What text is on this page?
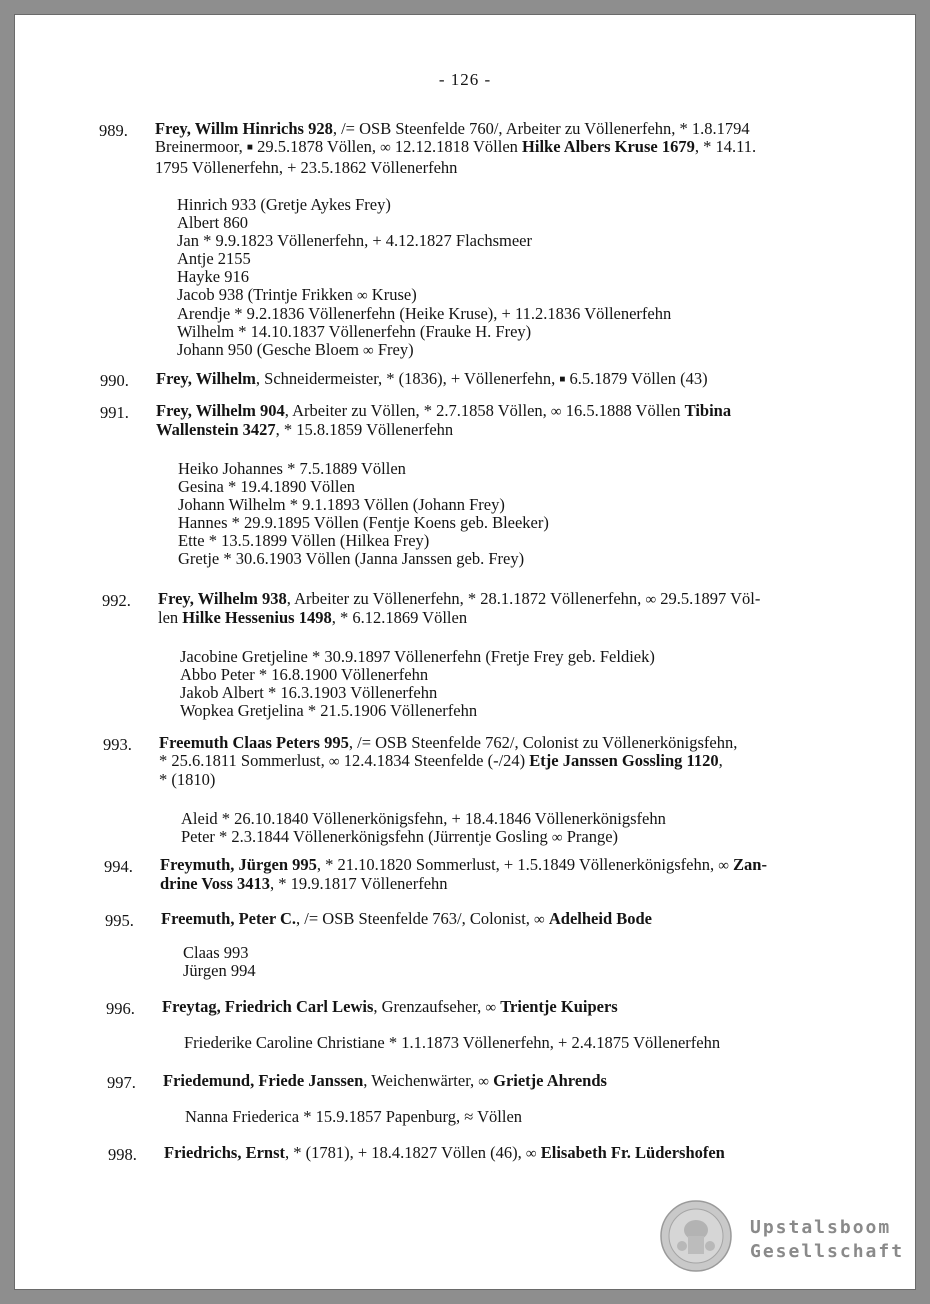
- 126 -
989. Frey, Willm Hinrichs 928, /= OSB Steenfelde 760/, Arbeiter zu Völlenerfehn, * 1.8.1794
Breinermoor, ■ 29.5.1878 Völlen, ∞ 12.12.1818 Völlen Hilke Albers Kruse 1679, * 14.11.
1795 Völlenerfehn, + 23.5.1862 Völlenerfehn
Hinrich 933 (Gretje Aykes Frey)
Albert 860
Jan * 9.9.1823 Völlenerfehn, + 4.12.1827 Flachsmeer
Antje 2155
Hayke 916
Jacob 938 (Trintje Frikken ∞ Kruse)
Arendje * 9.2.1836 Völlenerfehn (Heike Kruse), + 11.2.1836 Völlenerfehn
Wilhelm * 14.10.1837 Völlenerfehn (Frauke H. Frey)
Johann 950 (Gesche Bloem ∞ Frey)
990. Frey, Wilhelm, Schneidermeister, * (1836), + Völlenerfehn, ■ 6.5.1879 Völlen (43)
991. Frey, Wilhelm 904, Arbeiter zu Völlen, * 2.7.1858 Völlen, ∞ 16.5.1888 Völlen Tibina
Wallenstein 3427, * 15.8.1859 Völlenerfehn
Heiko Johannes * 7.5.1889 Völlen
Gesina * 19.4.1890 Völlen
Johann Wilhelm * 9.1.1893 Völlen (Johann Frey)
Hannes * 29.9.1895 Völlen (Fentje Koens geb. Bleeker)
Ette * 13.5.1899 Völlen (Hilkea Frey)
Gretje * 30.6.1903 Völlen (Janna Janssen geb. Frey)
992. Frey, Wilhelm 938, Arbeiter zu Völlenerfehn, * 28.1.1872 Völlenerfehn, ∞ 29.5.1897 Völ-
len Hilke Hessenius 1498, * 6.12.1869 Völlen
Jacobine Gretjeline * 30.9.1897 Völlenerfehn (Fretje Frey geb. Feldiek)
Abbo Peter * 16.8.1900 Völlenerfehn
Jakob Albert * 16.3.1903 Völlenerfehn
Wopkea Gretjelina * 21.5.1906 Völlenerfehn
993. Freemuth Claas Peters 995, /= OSB Steenfelde 762/, Colonist zu Völlenerkönigsfehn,
* 25.6.1811 Sommerlust, ∞ 12.4.1834 Steenfelde (-/24) Etje Janssen Gossling 1120,
* (1810)
Aleid * 26.10.1840 Völlenerkönigsfehn, + 18.4.1846 Völlenerkönigsfehn
Peter * 2.3.1844 Völlenerkönigsfehn (Jürrentje Gosling ∞ Prange)
994. Freymuth, Jürgen 995, * 21.10.1820 Sommerlust, + 1.5.1849 Völlenerkönigsfehn, ∞ Zan-
drine Voss 3413, * 19.9.1817 Völlenerfehn
995. Freemuth, Peter C., /= OSB Steenfelde 763/, Colonist, ∞ Adelheid Bode
Claas 993
Jürgen 994
996. Freytag, Friedrich Carl Lewis, Grenzaufseher, ∞ Trientje Kuipers
Friederike Caroline Christiane * 1.1.1873 Völlenerfehn, + 2.4.1875 Völlenerfehn
997. Friedemund, Friede Janssen, Weichenwärter, ∞ Grietje Ahrends
Nanna Friederica * 15.9.1857 Papenburg, ≈ Völlen
998. Friedrichs, Ernst, * (1781), + 18.4.1827 Völlen (46), ∞ Elisabeth Fr. Lüdershofen
Upstalsboom
Gesellschaft
